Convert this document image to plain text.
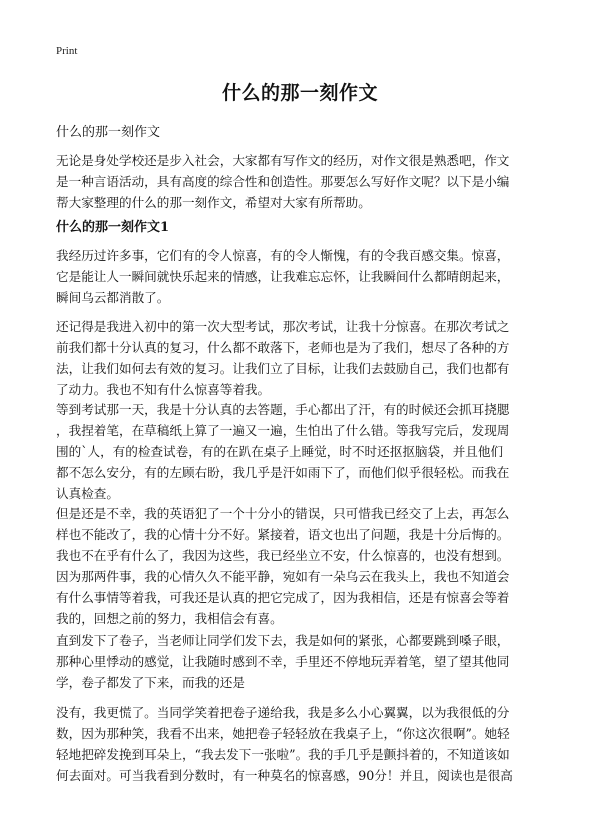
Print
什么的那一刻作文
什么的那一刻作文

无论是身处学校还是步入社会，大家都有写作文的经历，对作文很是熟悉吧，作文
是一种言语活动，具有高度的综合性和创造性。那要怎么写好作文呢？以下是小编
帮大家整理的什么的那一刻作文，希望对大家有所帮助。

什么的那一刻作文1

我经历过许多事，它们有的令人惊喜，有的令人惭愧，有的令我百感交集。惊喜，
它是能让人一瞬间就快乐起来的情感，让我难忘忘怀，让我瞬间什么都晴朗起来，
瞬间乌云都消散了。

还记得是我进入初中的第一次大型考试，那次考试，让我十分惊喜。在那次考试之
前我们都十分认真的复习，什么都不敢落下，老师也是为了我们，想尽了各种的方
法，让我们如何去有效的复习。让我们立了目标，让我们去鼓励自己，我们也都有
了动力。我也不知有什么惊喜等着我。

等到考试那一天，我是十分认真的去答题，手心都出了汗，有的时候还会抓耳挠腮
，我捏着笔，在草稿纸上算了一遍又一遍，生怕出了什么错。等我写完后，发现周
围的`人，有的检查试卷，有的在趴在桌子上睡觉，时不时还抠抠脑袋，并且他们
都不怎么安分，有的左顾右盼，我几乎是汗如雨下了，而他们似乎很轻松。而我在
认真检查。

但是还是不幸，我的英语犯了一个十分小的错误，只可惜我已经交了上去，再怎么
样也不能改了，我的心情十分不好。紧接着，语文也出了问题，我是十分后悔的。
我也不在乎有什么了，我因为这些，我已经坐立不安，什么惊喜的，也没有想到。

因为那两件事，我的心情久久不能平静，宛如有一朵乌云在我头上，我也不知道会
有什么事情等着我，可我还是认真的把它完成了，因为我相信，还是有惊喜会等着
我的，回想之前的努力，我相信会有喜。

直到发下了卷子，当老师让同学们发下去，我是如何的紧张，心都要跳到嗓子眼，
那种心里悸动的感觉，让我随时感到不幸，手里还不停地玩弄着笔，望了望其他同
学，卷子都发了下来，而我的还是

没有，我更慌了。当同学笑着把卷子递给我，我是多么小心翼翼，以为我很低的分
数，因为那种笑，我看不出来，她把卷子轻轻放在我桌子上，“你这次很啊”。她轻
轻地把碎发挽到耳朵上，“我去发下一张啦”。我的手几乎是颤抖着的，不知道该如
何去面对。可当我看到分数时，有一种莫名的惊喜感，90分！并且，阅读也是很高
